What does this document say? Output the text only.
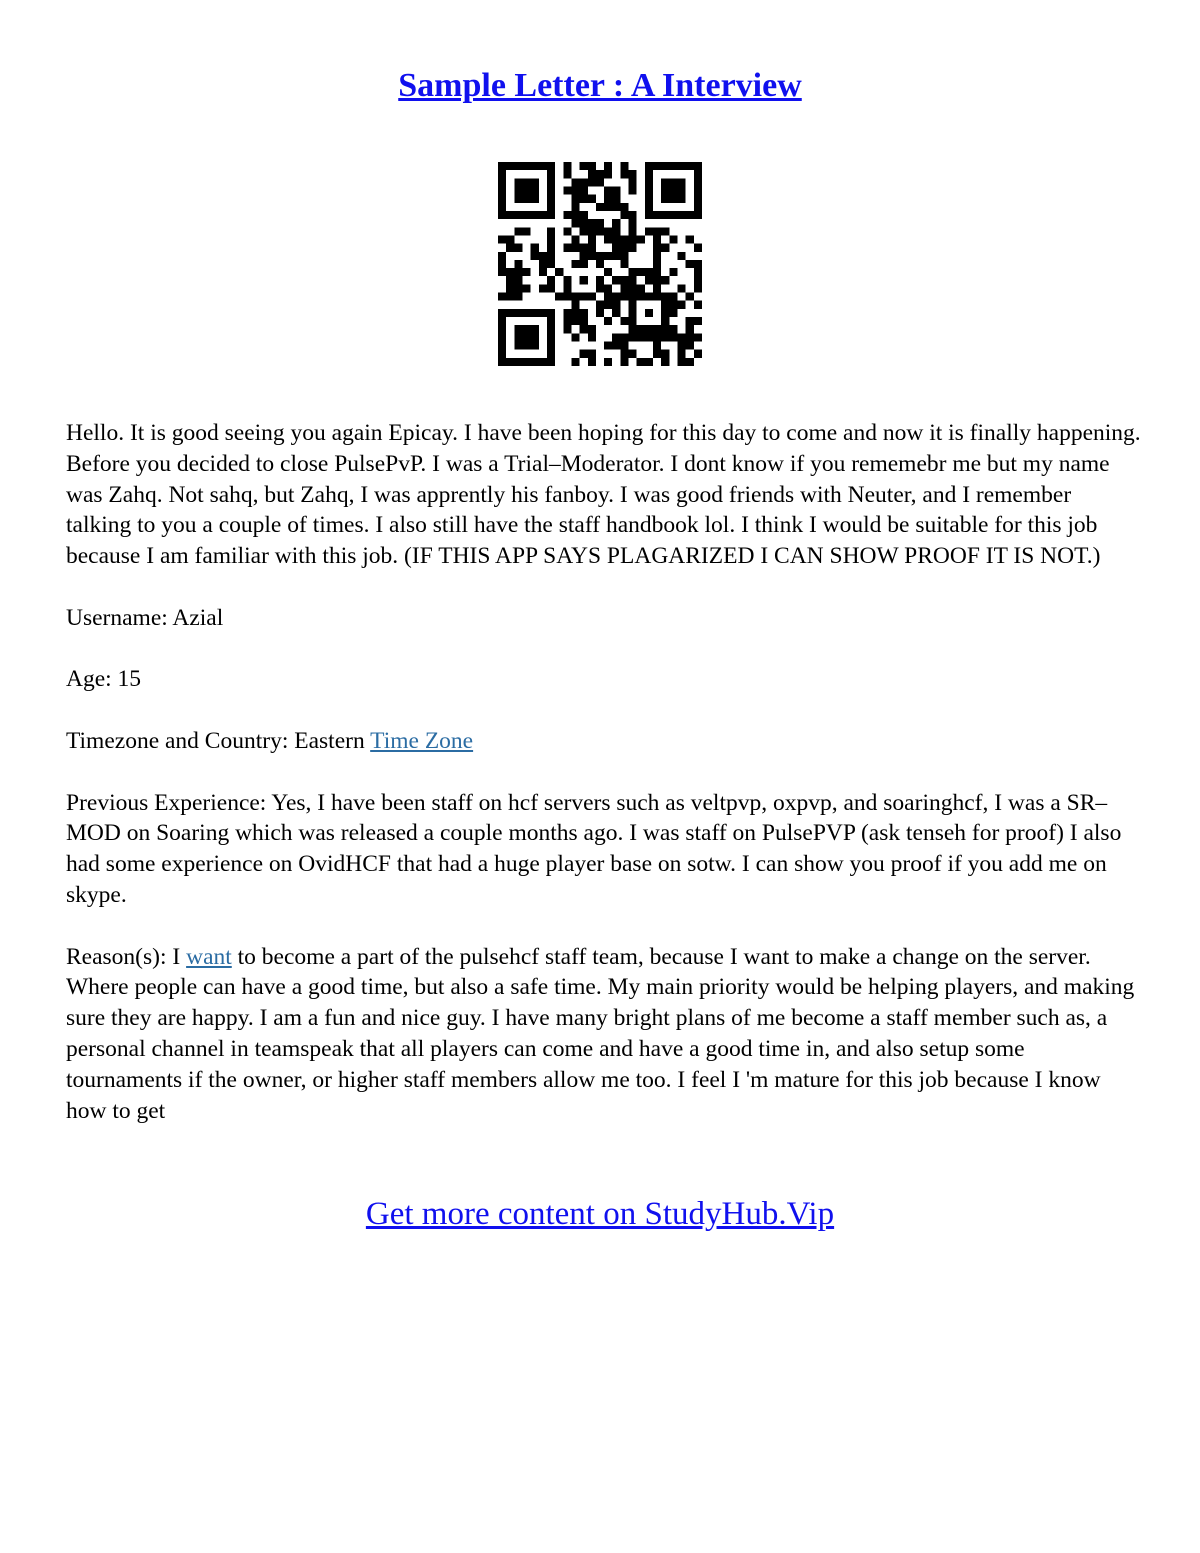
Sample Letter : A Interview

Hello. It is good seeing you again Epicay. I have been hoping for this day to come and now it is finally happening. Before you decided to close PulsePvP. I was a Trial–Moderator. I dont know if you rememebr me but my name was Zahq. Not sahq, but Zahq, I was apprently his fanboy. I was good friends with Neuter, and I remember talking to you a couple of times. I also still have the staff handbook lol. I think I would be suitable for this job because I am familiar with this job. (IF THIS APP SAYS PLAGARIZED I CAN SHOW PROOF IT IS NOT.)

Username: Azial

Age: 15

Timezone and Country: Eastern Time Zone

Previous Experience: Yes, I have been staff on hcf servers such as veltpvp, oxpvp, and soaringhcf, I was a SR–MOD on Soaring which was released a couple months ago. I was staff on PulsePVP (ask tenseh for proof) I also had some experience on OvidHCF that had a huge player base on sotw. I can show you proof if you add me on skype.

Reason(s): I want to become a part of the pulsehcf staff team, because I want to make a change on the server. Where people can have a good time, but also a safe time. My main priority would be helping players, and making sure they are happy. I am a fun and nice guy. I have many bright plans of me become a staff member such as, a personal channel in teamspeak that all players can come and have a good time in, and also setup some tournaments if the owner, or higher staff members allow me too. I feel I 'm mature for this job because I know how to get

Get more content on StudyHub.Vip
